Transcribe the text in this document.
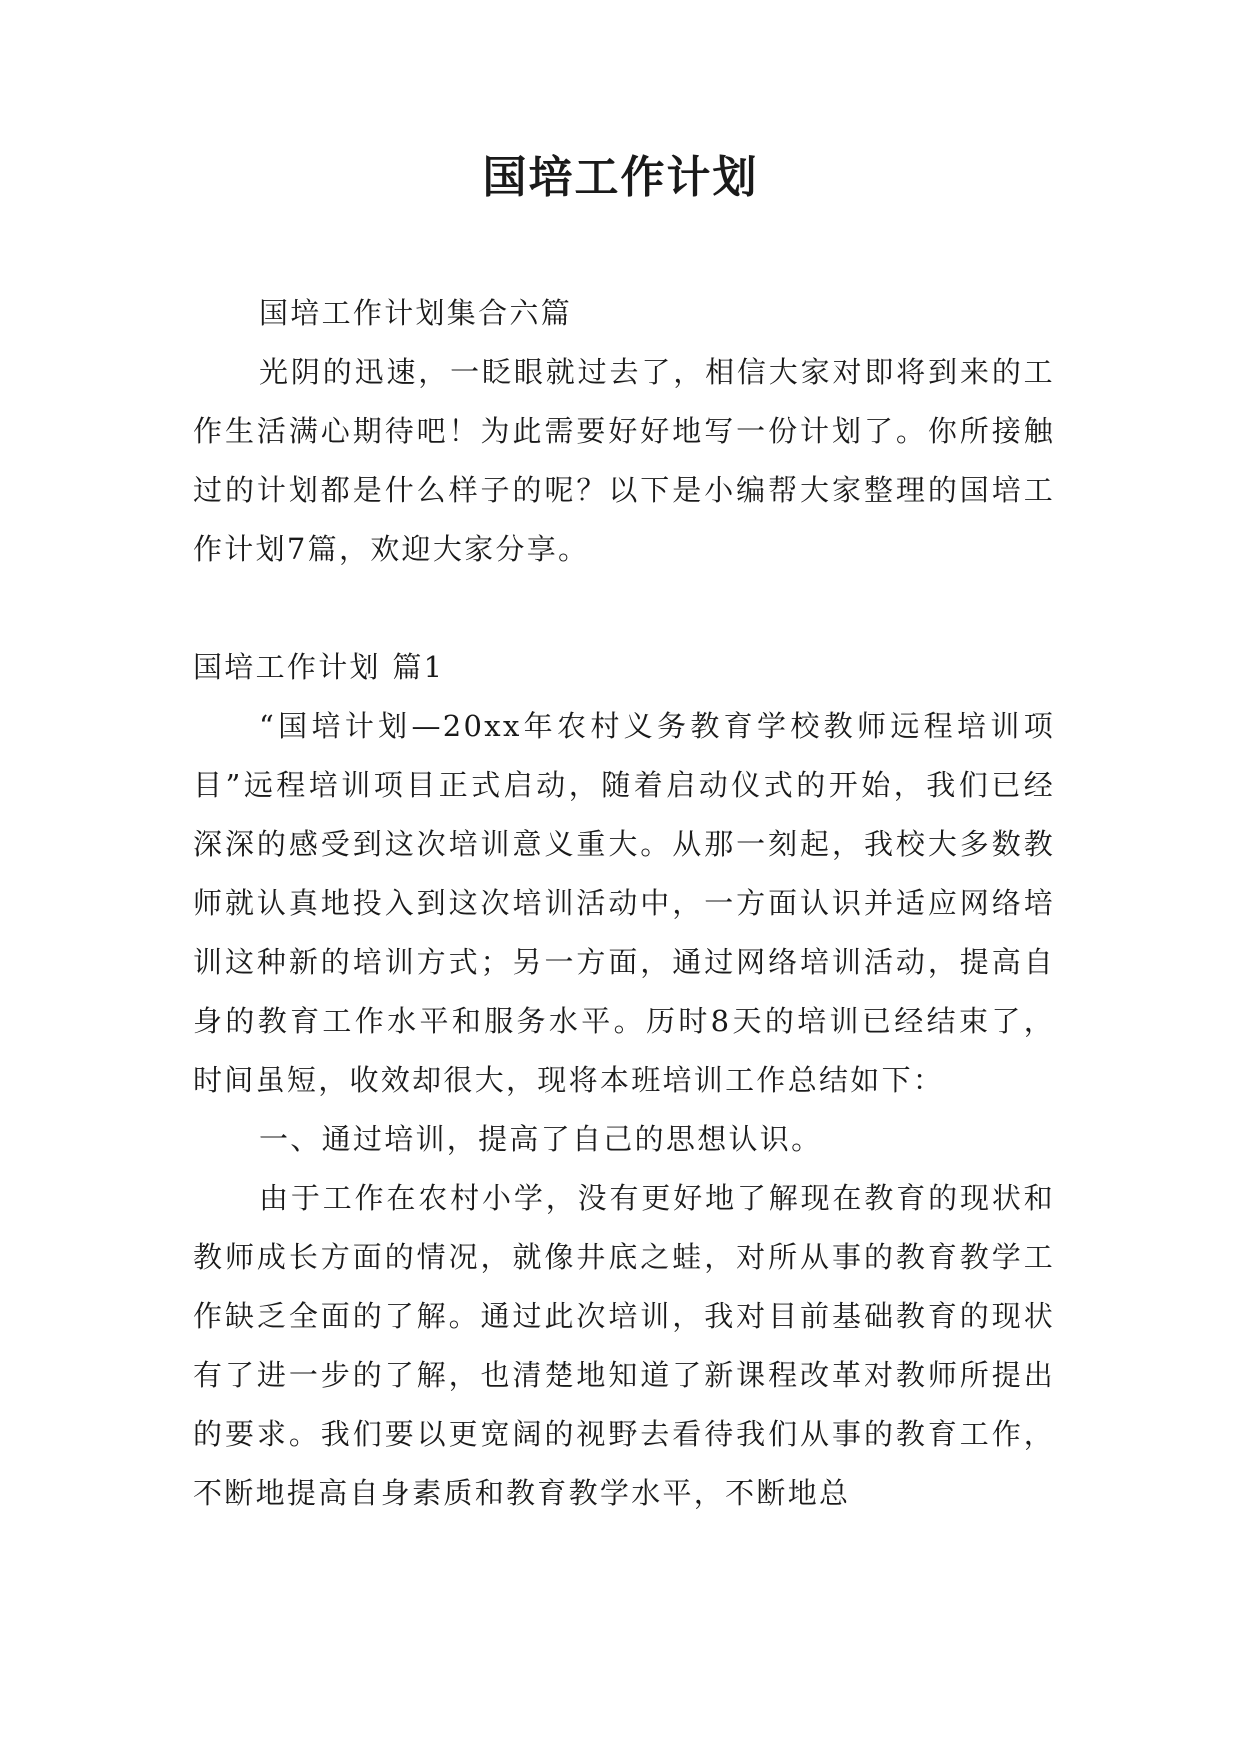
国培工作计划

国培工作计划集合六篇

光阴的迅速，一眨眼就过去了，相信大家对即将到来的工作生活满心期待吧！为此需要好好地写一份计划了。你所接触过的计划都是什么样子的呢？以下是小编帮大家整理的国培工作计划7篇，欢迎大家分享。

国培工作计划 篇1

“国培计划—20xx年农村义务教育学校教师远程培训项目”远程培训项目正式启动，随着启动仪式的开始，我们已经深深的感受到这次培训意义重大。从那一刻起，我校大多数教师就认真地投入到这次培训活动中，一方面认识并适应网络培训这种新的培训方式；另一方面，通过网络培训活动，提高自身的教育工作水平和服务水平。历时8天的培训已经结束了，时间虽短，收效却很大，现将本班培训工作总结如下：

一、通过培训，提高了自己的思想认识。

由于工作在农村小学，没有更好地了解现在教育的现状和教师成长方面的情况，就像井底之蛙，对所从事的教育教学工作缺乏全面的了解。通过此次培训，我对目前基础教育的现状有了进一步的了解，也清楚地知道了新课程改革对教师所提出的要求。我们要以更宽阔的视野去看待我们从事的教育工作，不断地提高自身素质和教育教学水平，不断地总
